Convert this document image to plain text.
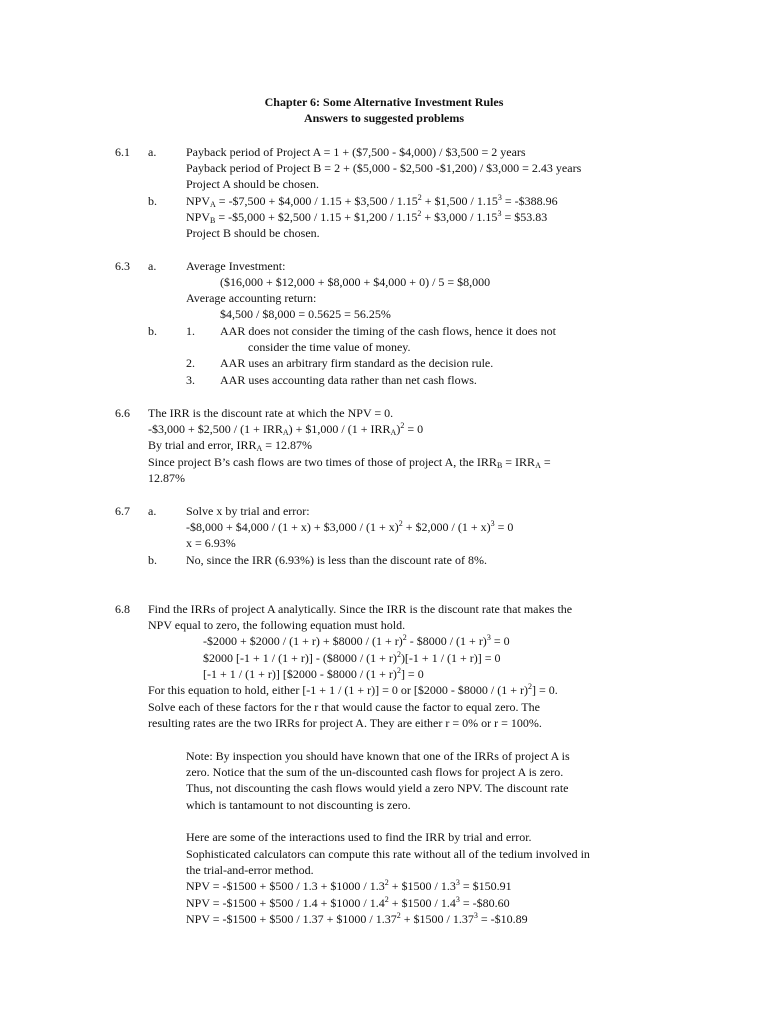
Chapter 6: Some Alternative Investment Rules
Answers to suggested problems
6.1 a. Payback period of Project A = 1 + ($7,500 - $4,000) / $3,500 = 2 years
Payback period of Project B = 2 + ($5,000 - $2,500 -$1,200) / $3,000 = 2.43 years
Project A should be chosen.
b. $NPV_A$ = -$7,500 + $4,000 / 1.15 + $3,500 / $1.15^2$ + $1,500 / $1.15^3$ = -$388.96
$NPV_B$ = -$5,000 + $2,500 / 1.15 + $1,200 / $1.15^2$ + $3,000 / $1.15^3$ = $53.83
Project B should be chosen.
6.3 a. Average Investment:
($16,000 + $12,000 + $8,000 + $4,000 + 0) / 5 = $8,000
Average accounting return:
$4,500 / $8,000 = 0.5625 = 56.25%
b. 1. AAR does not consider the timing of the cash flows, hence it does not
consider the time value of money.
2. AAR uses an arbitrary firm standard as the decision rule.
3. AAR uses accounting data rather than net cash flows.
6.6 The IRR is the discount rate at which the NPV = 0.
-$3,000 + $2,500 / $(1 + IRR_A)$ + $1,000 / $(1 + IRR_A)^2 = 0$
By trial and error, $IRR_A = 12.87\%$
Since project B’s cash flows are two times of those of project A, the $IRR_B = IRR_A$ =
12.87%
6.7 a. Solve x by trial and error:
-$8,000 + $4,000 / (1 + x) + $3,000 / $(1 + x)^2$ + $2,000 / $(1 + x)^3 = 0$
x = 6.93%
b. No, since the IRR (6.93%) is less than the discount rate of 8%.
6.8 Find the IRRs of project A analytically. Since the IRR is the discount rate that makes the
NPV equal to zero, the following equation must hold.
-$2000 + $2000 / (1 + r) + $8000 / $(1 + r)^2$ - $8000 / $(1 + r)^3 = 0$
$2000 [-1 + 1 / (1 + r)] - ($8000 / $(1 + r)^2)[-1 + 1 / (1 + r)] = 0$
[-1 + 1 / (1 + r)] [$2000 - $8000 / $(1 + r)^2] = 0$
For this equation to hold, either [-1 + 1 / (1 + r)] = 0 or [$2000 - $8000 / $(1 + r)^2] = 0$.
Solve each of these factors for the r that would cause the factor to equal zero. The
resulting rates are the two IRRs for project A. They are either r = 0% or r = 100%.
Note: By inspection you should have known that one of the IRRs of project A is
zero. Notice that the sum of the un-discounted cash flows for project A is zero.
Thus, not discounting the cash flows would yield a zero NPV. The discount rate
which is tantamount to not discounting is zero.
Here are some of the interactions used to find the IRR by trial and error.
Sophisticated calculators can compute this rate without all of the tedium involved in
the trial-and-error method.
NPV = -$1500 + $500 / 1.3 + $1000 / $1.3^2$ + $1500 / $1.3^3$ = $150.91
NPV = -$1500 + $500 / 1.4 + $1000 / $1.4^2$ + $1500 / $1.4^3$ = -$80.60
NPV = -$1500 + $500 / 1.37 + $1000 / $1.37^2$ + $1500 / $1.37^3$ = -$10.89
